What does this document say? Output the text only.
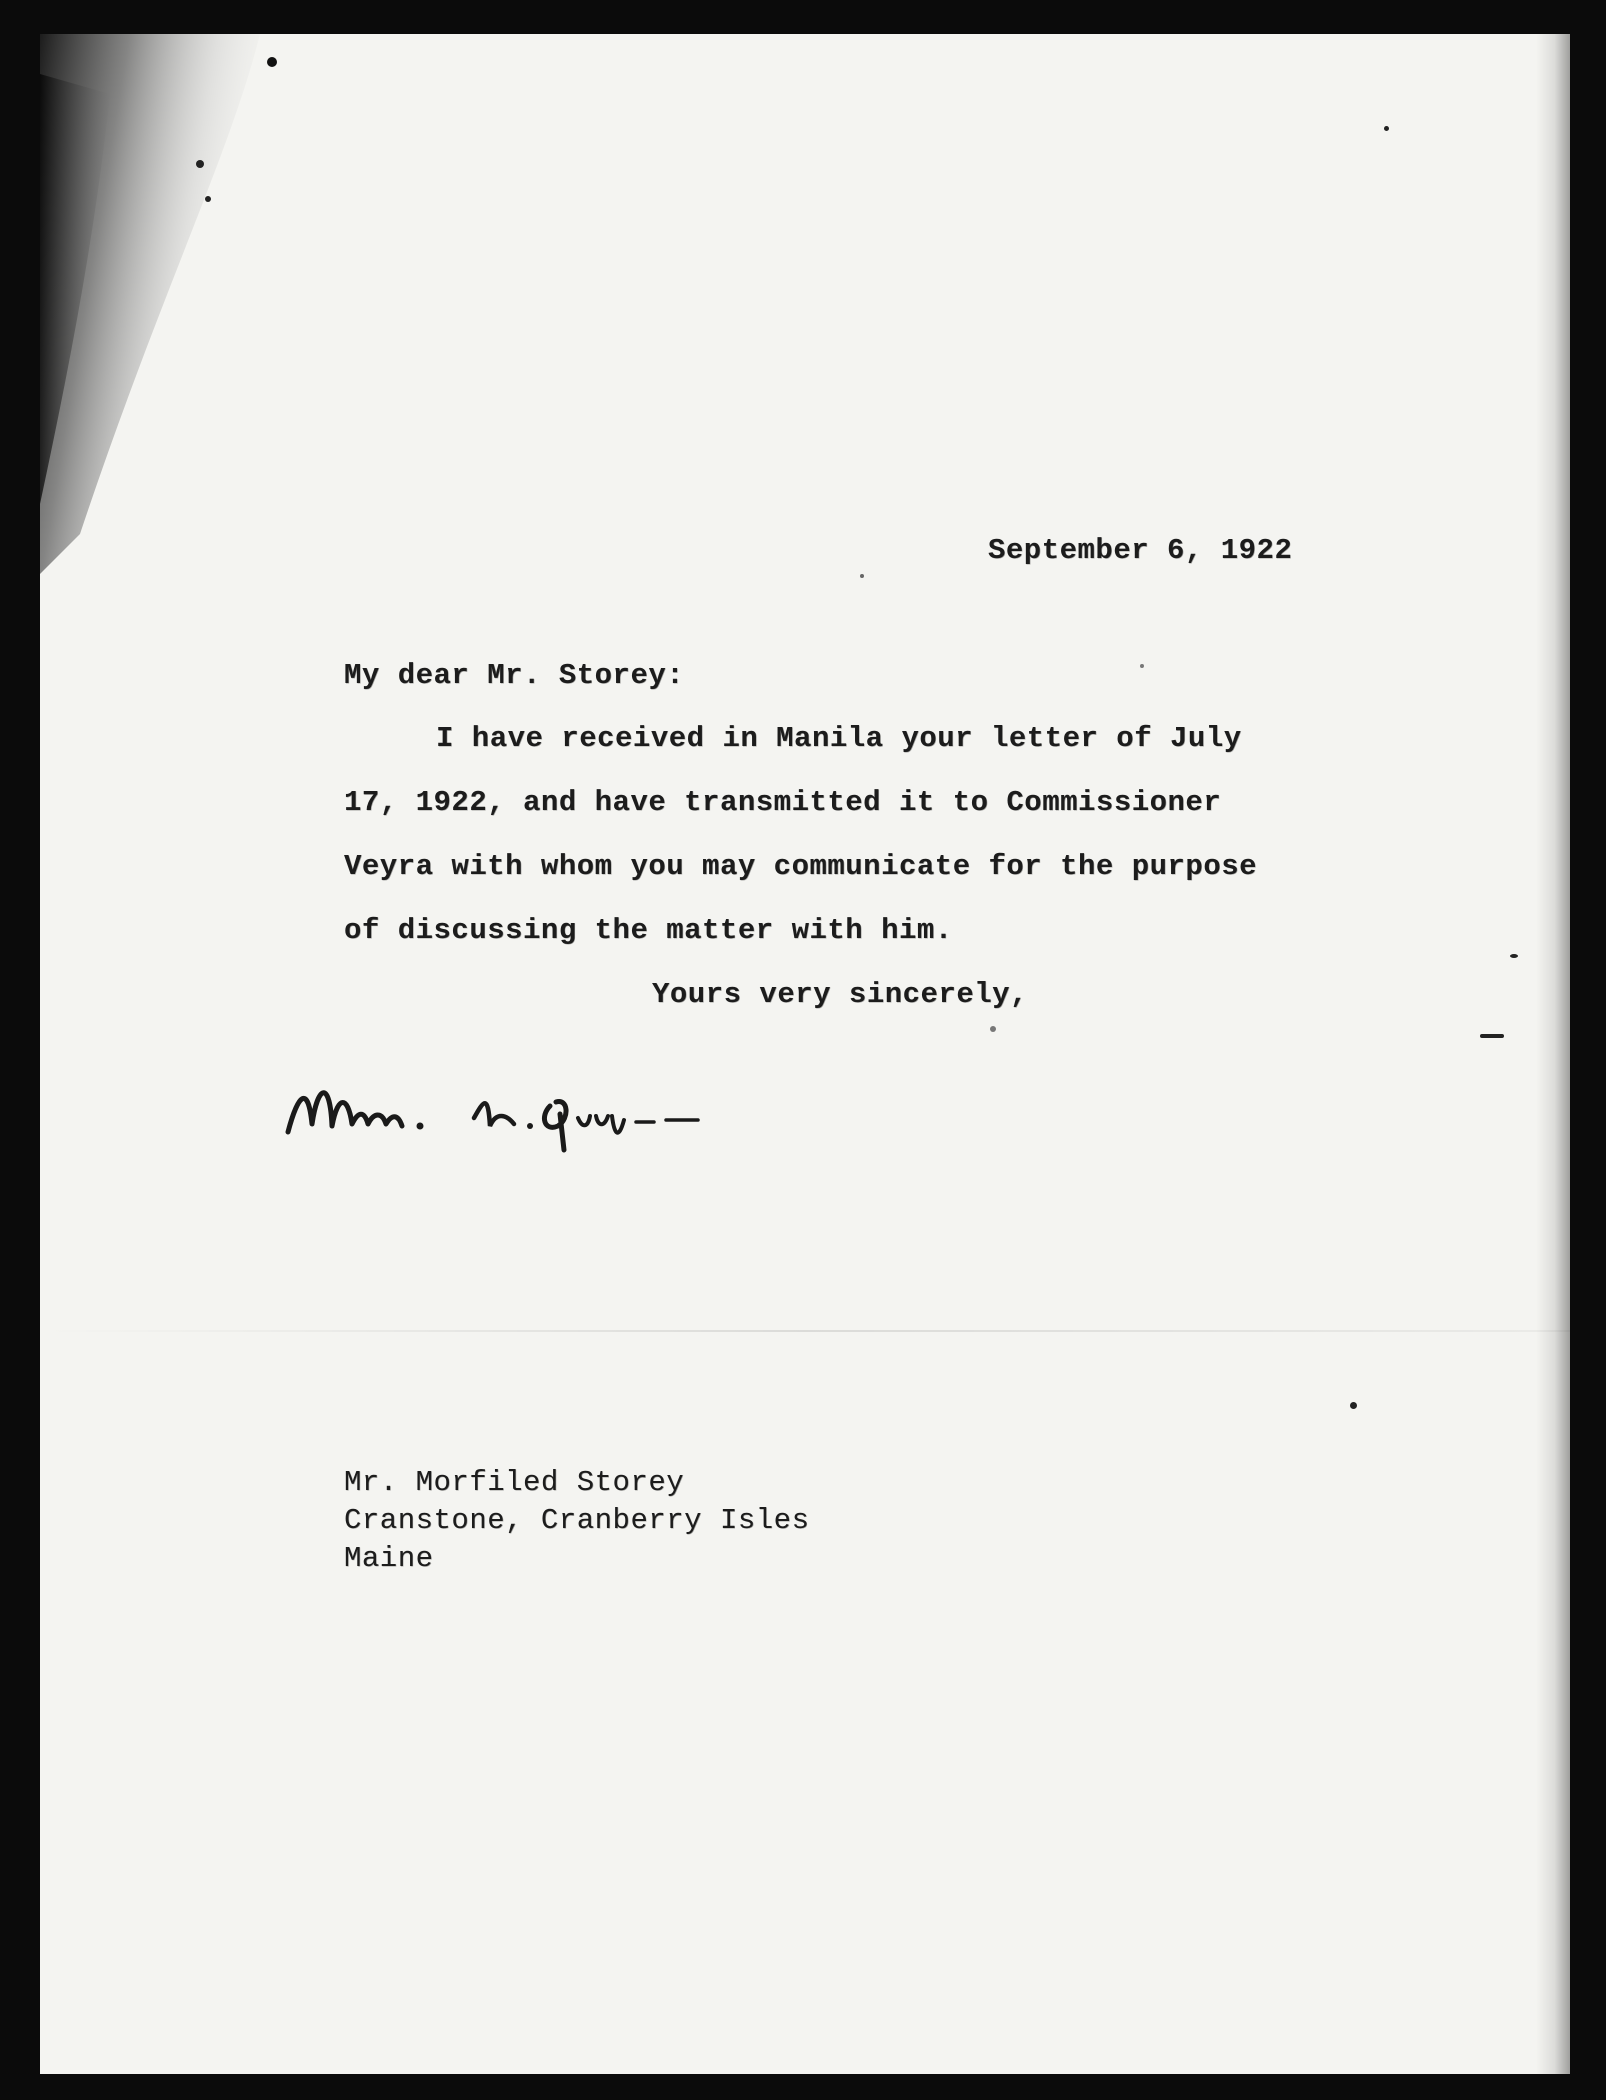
September 6, 1922
My dear Mr. Storey:
I have received in Manila your letter of July
17, 1922, and have transmitted it to Commissioner
Veyra with whom you may communicate for the purpose
of discussing the matter with him.
Yours very sincerely,
Mr. Morfiled Storey
Cranstone, Cranberry Isles
Maine
